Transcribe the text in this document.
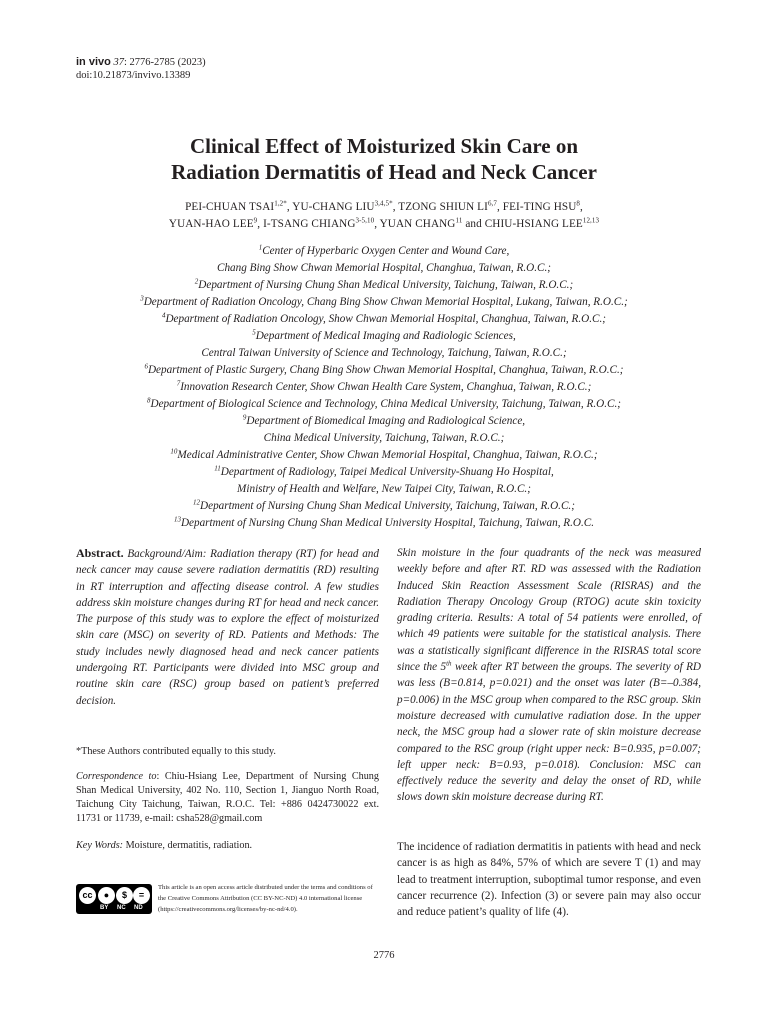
in vivo 37: 2776-2785 (2023)
doi:10.21873/invivo.13389
Clinical Effect of Moisturized Skin Care on
Radiation Dermatitis of Head and Neck Cancer
PEI-CHUAN $TSAI^{1,2*}$, YU-CHANG $LIU^{3,4,5*}$, TZONG SHIUN LI$^{6,7}$, FEI-TING HSU$^8$,
YUAN-HAO LEE$^9$, I-TSANG CHIANG$^{3-5,10}$, YUAN CHANG$^{11}$ and CHIU-HSIANG LEE$^{12,13}$
$^1$Center of Hyperbaric Oxygen Center and Wound Care,
Chang Bing Show Chwan Memorial Hospital, Changhua, Taiwan, R.O.C.;
$^2$Department of Nursing Chung Shan Medical University, Taichung, Taiwan, R.O.C.;
$^3$Department of Radiation Oncology, Chang Bing Show Chwan Memorial Hospital, Lukang, Taiwan, R.O.C.;
$^4$Department of Radiation Oncology, Show Chwan Memorial Hospital, Changhua, Taiwan, R.O.C.;
$^5$Department of Medical Imaging and Radiologic Sciences,
Central Taiwan University of Science and Technology, Taichung, Taiwan, R.O.C.;
$^6$Department of Plastic Surgery, Chang Bing Show Chwan Memorial Hospital, Changhua, Taiwan, R.O.C.;
$^7$Innovation Research Center, Show Chwan Health Care System, Changhua, Taiwan, R.O.C.;
$^8$Department of Biological Science and Technology, China Medical University, Taichung, Taiwan, R.O.C.;
$^9$Department of Biomedical Imaging and Radiological Science,
China Medical University, Taichung, Taiwan, R.O.C.;
$^{10}$Medical Administrative Center, Show Chwan Memorial Hospital, Changhua, Taiwan, R.O.C.;
$^{11}$Department of Radiology, Taipei Medical University-Shuang Ho Hospital,
Ministry of Health and Welfare, New Taipei City, Taiwan, R.O.C.;
$^{12}$Department of Nursing Chung Shan Medical University, Taichung, Taiwan, R.O.C.;
$^{13}$Department of Nursing Chung Shan Medical University Hospital, Taichung, Taiwan, R.O.C.
Abstract. Background/Aim: Radiation therapy (RT) for head and neck cancer may cause severe radiation dermatitis (RD) resulting in RT interruption and affecting disease control. A few studies address skin moisture changes during RT for head and neck cancer. The purpose of this study was to explore the effect of moisturized skin care (MSC) on severity of RD. Patients and Methods: The study includes newly diagnosed head and neck cancer patients undergoing RT. Participants were divided into MSC group and routine skin care (RSC) group based on patient’s preferred decision.
*These Authors contributed equally to this study.
Correspondence to: Chiu-Hsiang Lee, Department of Nursing Chung Shan Medical University, 402 No. 110, Section 1, Jianguo North Road, Taichung City Taichung, Taiwan, R.O.C. Tel: +886 0424730022 ext. 11731 or 11739, e-mail: csha528@gmail.com
Key Words: Moisture, dermatitis, radiation.
cc	●	$	=
BY NC ND
This article is an open access article distributed under the terms and conditions of the Creative Commons Attribution (CC BY-NC-ND) 4.0 international license (https://creativecommons.org/licenses/by-nc-nd/4.0).
Skin moisture in the four quadrants of the neck was measured weekly before and after RT. RD was assessed with the Radiation Induced Skin Reaction Assessment Scale (RISRAS) and the Radiation Therapy Oncology Group (RTOG) acute skin toxicity grading criteria. Results: A total of 54 patients were enrolled, of which 49 patients were suitable for the statistical analysis. There was a statistically significant difference in the RISRAS total score since the 5th week after RT between the groups. The severity of RD was less (B=0.814, p=0.021) and the onset was later (B=–0.384, p=0.006) in the MSC group when compared to the RSC group. Skin moisture decreased with cumulative radiation dose. In the upper neck, the MSC group had a slower rate of skin moisture decrease compared to the RSC group (right upper neck: B=0.935, p=0.007; left upper neck: B=0.93, p=0.018). Conclusion: MSC can effectively reduce the severity and delay the onset of RD, while slows down skin moisture decrease during RT.
The incidence of radiation dermatitis in patients with head and neck cancer is as high as 84%, 57% of which are severe T (1) and may lead to treatment interruption, suboptimal tumor response, and even cancer recurrence (2). Infection (3) or severe pain may also occur and reduce patient’s quality of life (4).
2776
